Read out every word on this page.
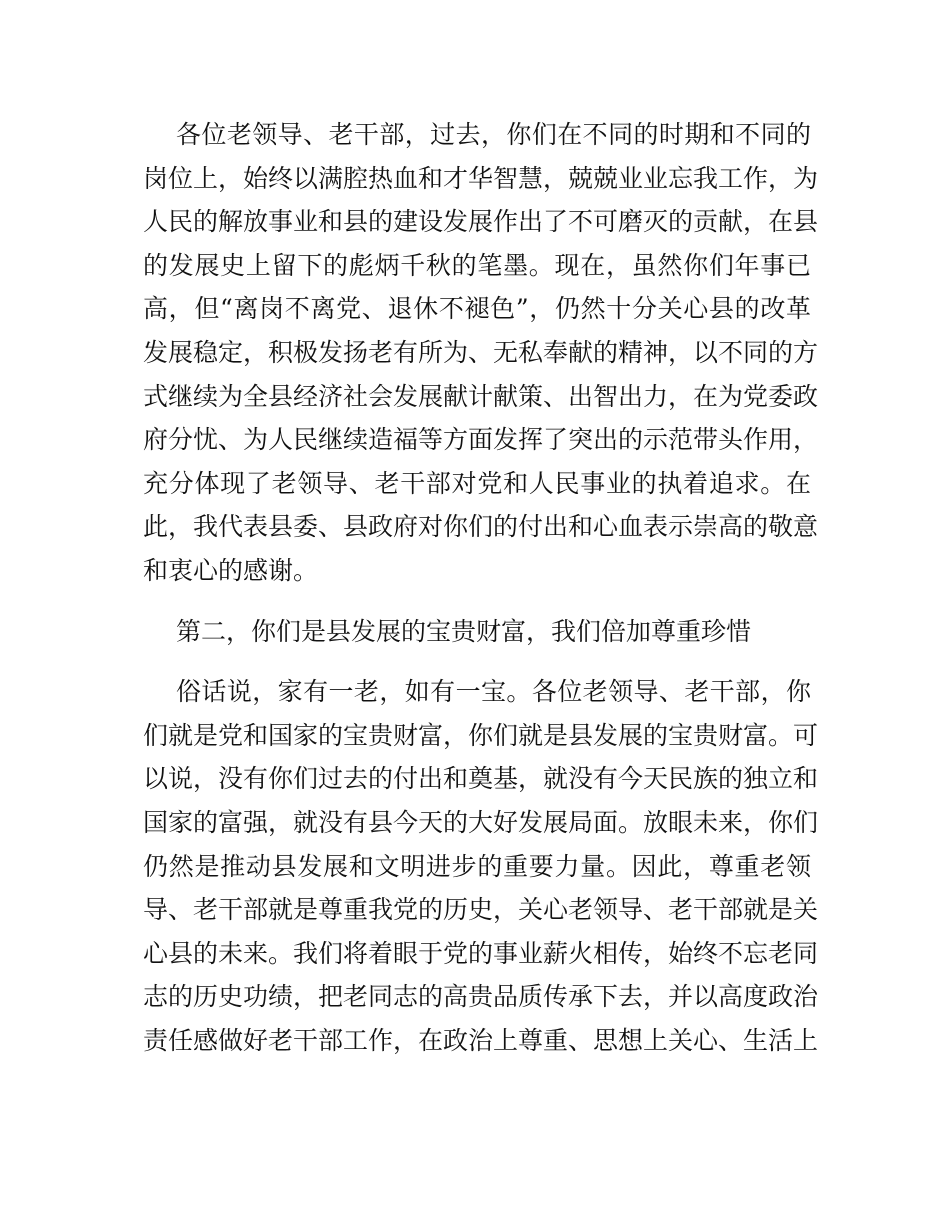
各位老领导、老干部，过去，你们在不同的时期和不同的
岗位上，始终以满腔热血和才华智慧，兢兢业业忘我工作，为
人民的解放事业和县的建设发展作出了不可磨灭的贡献，在县
的发展史上留下的彪炳千秋的笔墨。现在，虽然你们年事已
高，但“离岗不离党、退休不褪色”，仍然十分关心县的改革
发展稳定，积极发扬老有所为、无私奉献的精神，以不同的方
式继续为全县经济社会发展献计献策、出智出力，在为党委政
府分忧、为人民继续造福等方面发挥了突出的示范带头作用，
充分体现了老领导、老干部对党和人民事业的执着追求。在
此，我代表县委、县政府对你们的付出和心血表示崇高的敬意
和衷心的感谢。
第二，你们是县发展的宝贵财富，我们倍加尊重珍惜
俗话说，家有一老，如有一宝。各位老领导、老干部，你
们就是党和国家的宝贵财富，你们就是县发展的宝贵财富。可
以说，没有你们过去的付出和奠基，就没有今天民族的独立和
国家的富强，就没有县今天的大好发展局面。放眼未来，你们
仍然是推动县发展和文明进步的重要力量。因此，尊重老领
导、老干部就是尊重我党的历史，关心老领导、老干部就是关
心县的未来。我们将着眼于党的事业薪火相传，始终不忘老同
志的历史功绩，把老同志的高贵品质传承下去，并以高度政治
责任感做好老干部工作，在政治上尊重、思想上关心、生活上
